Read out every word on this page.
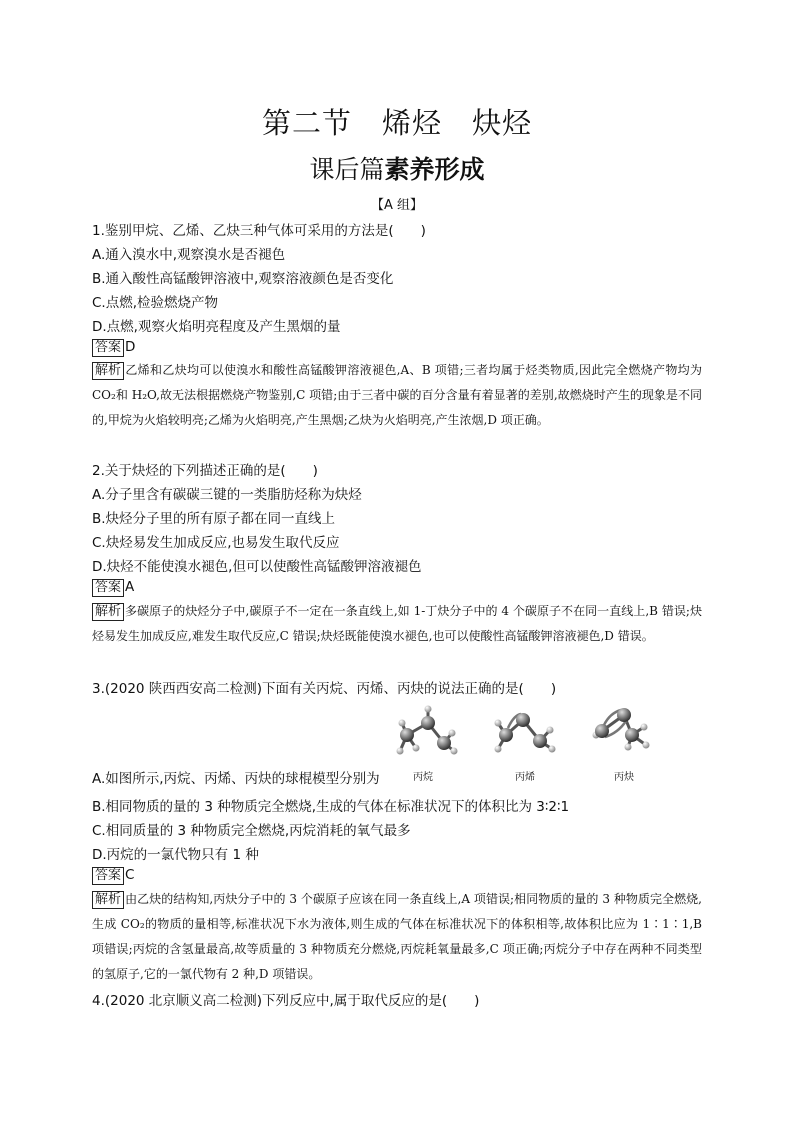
第二节 烯烃 炔烃
课后篇素养形成
【A 组】
1.鉴别甲烷、乙烯、乙炔三种气体可采用的方法是(　　)
A.通入溴水中,观察溴水是否褪色
B.通入酸性高锰酸钾溶液中,观察溶液颜色是否变化
C.点燃,检验燃烧产物
D.点燃,观察火焰明亮程度及产生黑烟的量
答案 D
解析 乙烯和乙炔均可以使溴水和酸性高锰酸钾溶液褪色,A、B 项错;三者均属于烃类物质,因此完全燃烧产物均为 CO₂和 H₂O,故无法根据燃烧产物鉴别,C 项错;由于三者中碳的百分含量有着显著的差别,故燃烧时产生的现象是不同的,甲烷为火焰较明亮;乙烯为火焰明亮,产生黑烟;乙炔为火焰明亮,产生浓烟,D 项正确。
2.关于炔烃的下列描述正确的是(　　)
A.分子里含有碳碳三键的一类脂肪烃称为炔烃
B.炔烃分子里的所有原子都在同一直线上
C.炔烃易发生加成反应,也易发生取代反应
D.炔烃不能使溴水褪色,但可以使酸性高锰酸钾溶液褪色
答案 A
解析 多碳原子的炔烃分子中,碳原子不一定在一条直线上,如 1-丁炔分子中的 4 个碳原子不在同一直线上,B 错误;炔烃易发生加成反应,难发生取代反应,C 错误;炔烃既能使溴水褪色,也可以使酸性高锰酸钾溶液褪色,D 错误。
3.(2020 陕西西安高二检测)下面有关丙烷、丙烯、丙炔的说法正确的是(　　)
丙烷	丙烯	丙炔
A.如图所示,丙烷、丙烯、丙炔的球棍模型分别为
B.相同物质的量的 3 种物质完全燃烧,生成的气体在标准状况下的体积比为 3∶2∶1
C.相同质量的 3 种物质完全燃烧,丙烷消耗的氧气最多
D.丙烷的一氯代物只有 1 种
答案 C
解析 由乙炔的结构知,丙炔分子中的 3 个碳原子应该在同一条直线上,A 项错误;相同物质的量的 3 种物质完全燃烧,生成 CO₂的物质的量相等,标准状况下水为液体,则生成的气体在标准状况下的体积相等,故体积比应为 1∶1∶1,B 项错误;丙烷的含氢量最高,故等质量的 3 种物质充分燃烧,丙烷耗氧量最多,C 项正确;丙烷分子中存在两种不同类型的氢原子,它的一氯代物有 2 种,D 项错误。
4.(2020 北京顺义高二检测)下列反应中,属于取代反应的是(　　)
